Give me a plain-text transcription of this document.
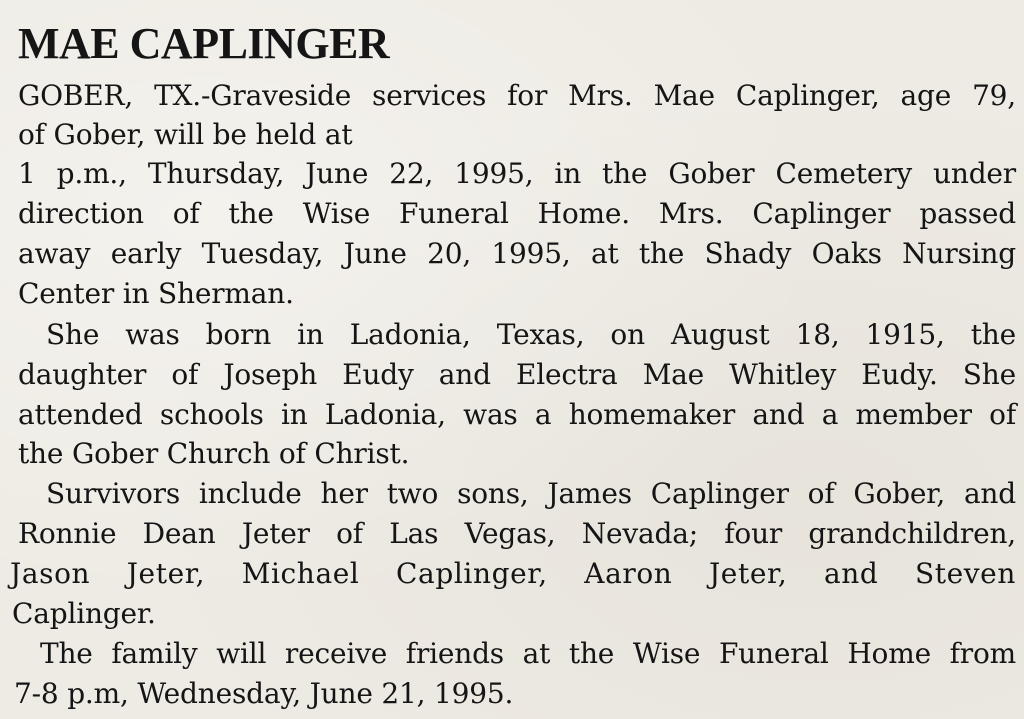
MAE CAPLINGER
GOBER, TX.-Graveside services for Mrs. Mae Caplinger, age 79,
of Gober, will be held at
1 p.m., Thursday, June 22, 1995, in the Gober Cemetery under
direction of the Wise Funeral Home. Mrs. Caplinger passed
away early Tuesday, June 20, 1995, at the Shady Oaks Nursing
Center in Sherman.
She was born in Ladonia, Texas, on August 18, 1915, the
daughter of Joseph Eudy and Electra Mae Whitley Eudy. She
attended schools in Ladonia, was a homemaker and a member of
the Gober Church of Christ.
Survivors include her two sons, James Caplinger of Gober, and
Ronnie Dean Jeter of Las Vegas, Nevada; four grandchildren,
Jason Jeter, Michael Caplinger, Aaron Jeter, and Steven
Caplinger.
The family will receive friends at the Wise Funeral Home from
7-8 p.m, Wednesday, June 21, 1995.
